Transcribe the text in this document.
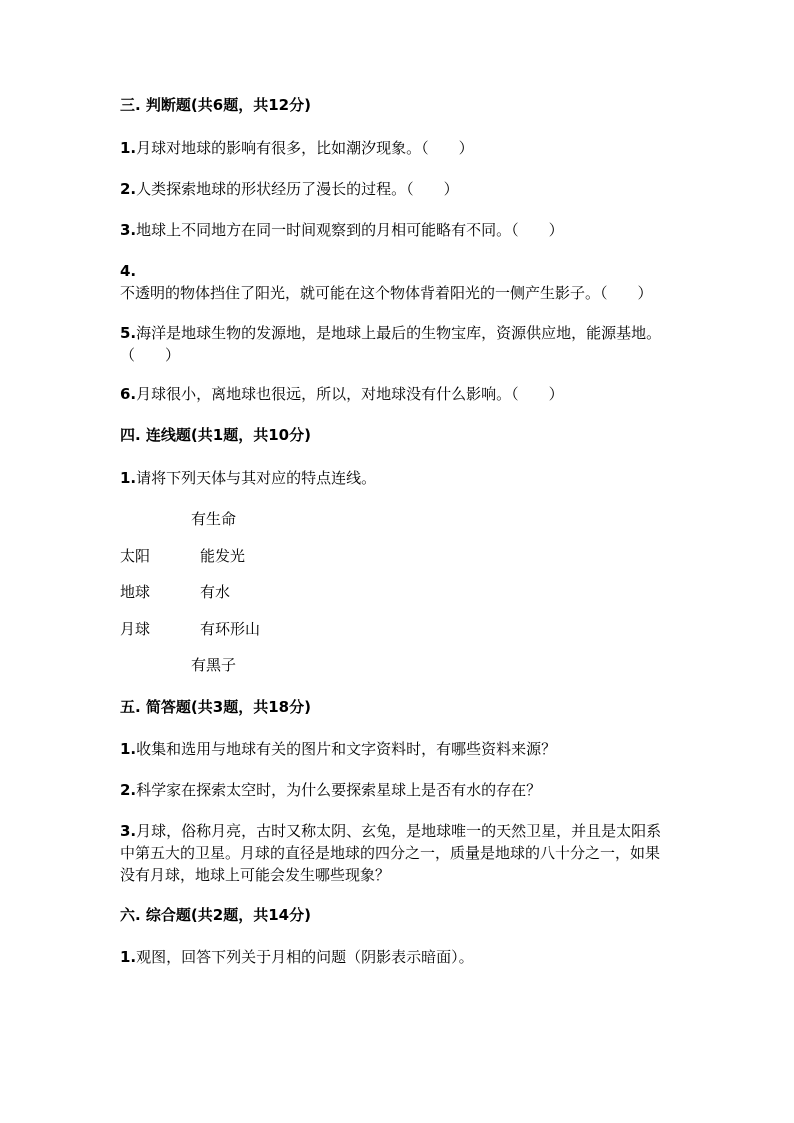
三. 判断题(共6题，共12分)
1.月球对地球的影响有很多，比如潮汐现象。（　　）
2.人类探索地球的形状经历了漫长的过程。（　　）
3.地球上不同地方在同一时间观察到的月相可能略有不同。（　　）
4.不透明的物体挡住了阳光，就可能在这个物体背着阳光的一侧产生影子。（　　）
5.海洋是地球生物的发源地，是地球上最后的生物宝库，资源供应地，能源基地。（　　）
6.月球很小，离地球也很远，所以，对地球没有什么影响。（　　）
四. 连线题(共1题，共10分)
1.请将下列天体与其对应的特点连线。
有生命
太阳	能发光
地球	有水
月球	有环形山
有黑子
五. 简答题(共3题，共18分)
1.收集和选用与地球有关的图片和文字资料时，有哪些资料来源？
2.科学家在探索太空时，为什么要探索星球上是否有水的存在？
3.月球，俗称月亮，古时又称太阴、玄兔，是地球唯一的天然卫星，并且是太阳系中第五大的卫星。月球的直径是地球的四分之一，质量是地球的八十分之一，如果没有月球，地球上可能会发生哪些现象？
六. 综合题(共2题，共14分)
1.观图，回答下列关于月相的问题（阴影表示暗面）。
